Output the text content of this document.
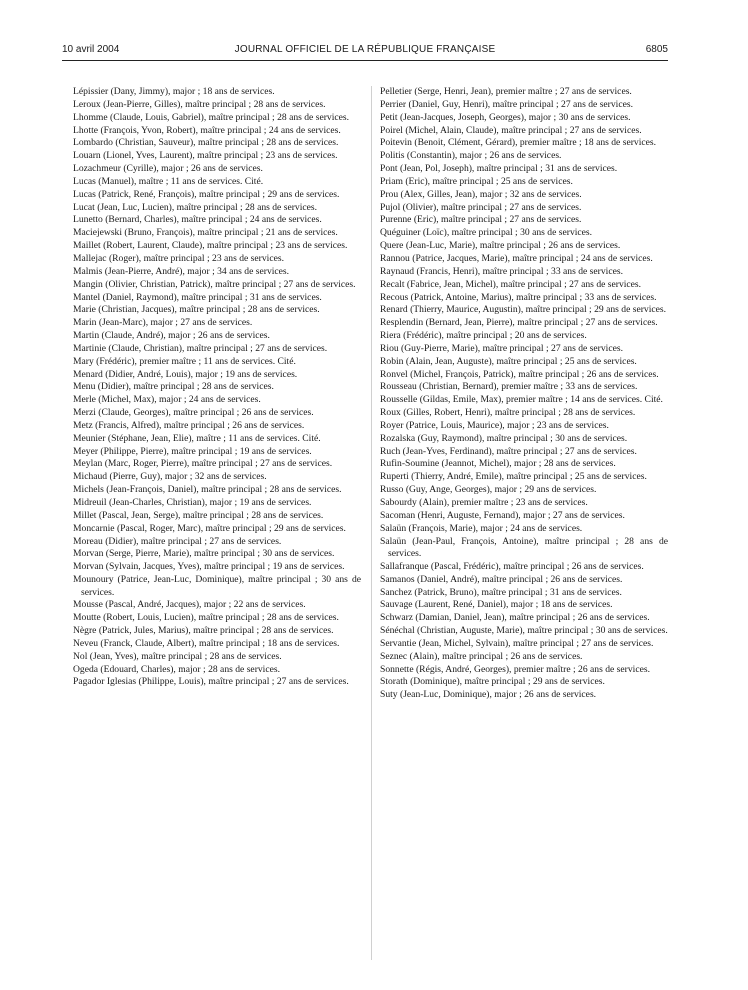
10 avril 2004	JOURNAL OFFICIEL DE LA RÉPUBLIQUE FRANÇAISE	6805

Lépissier (Dany, Jimmy), major ; 18 ans de services.

Leroux (Jean-Pierre, Gilles), maître principal ; 28 ans de services.

Lhomme (Claude, Louis, Gabriel), maître principal ; 28 ans de services.

Lhotte (François, Yvon, Robert), maître principal ; 24 ans de services.

Lombardo (Christian, Sauveur), maître principal ; 28 ans de services.

Louarn (Lionel, Yves, Laurent), maître principal ; 23 ans de services.

Lozachmeur (Cyrille), major ; 26 ans de services.

Lucas (Manuel), maître ; 11 ans de services. Cité.

Lucas (Patrick, René, François), maître principal ; 29 ans de services.

Lucat (Jean, Luc, Lucien), maître principal ; 28 ans de services.

Lunetto (Bernard, Charles), maître principal ; 24 ans de services.

Maciejewski (Bruno, François), maître principal ; 21 ans de services.

Maillet (Robert, Laurent, Claude), maître principal ; 23 ans de services.

Mallejac (Roger), maître principal ; 23 ans de services.

Malmis (Jean-Pierre, André), major ; 34 ans de services.

Mangin (Olivier, Christian, Patrick), maître principal ; 27 ans de services.

Mantel (Daniel, Raymond), maître principal ; 31 ans de services.

Marie (Christian, Jacques), maître principal ; 28 ans de services.

Marin (Jean-Marc), major ; 27 ans de services.

Martin (Claude, André), major ; 26 ans de services.

Martinie (Claude, Christian), maître principal ; 27 ans de services.

Mary (Frédéric), premier maître ; 11 ans de services. Cité.

Menard (Didier, André, Louis), major ; 19 ans de services.

Menu (Didier), maître principal ; 28 ans de services.

Merle (Michel, Max), major ; 24 ans de services.

Merzi (Claude, Georges), maître principal ; 26 ans de services.

Metz (Francis, Alfred), maître principal ; 26 ans de services.

Meunier (Stéphane, Jean, Elie), maître ; 11 ans de services. Cité.

Meyer (Philippe, Pierre), maître principal ; 19 ans de services.

Meylan (Marc, Roger, Pierre), maître principal ; 27 ans de services.

Michaud (Pierre, Guy), major ; 32 ans de services.

Michels (Jean-François, Daniel), maître principal ; 28 ans de services.

Midreuil (Jean-Charles, Christian), major ; 19 ans de services.

Millet (Pascal, Jean, Serge), maître principal ; 28 ans de services.

Moncarnie (Pascal, Roger, Marc), maître principal ; 29 ans de services.

Moreau (Didier), maître principal ; 27 ans de services.

Morvan (Serge, Pierre, Marie), maître principal ; 30 ans de services.

Morvan (Sylvain, Jacques, Yves), maître principal ; 19 ans de services.

Mounoury (Patrice, Jean-Luc, Dominique), maître principal ; 30 ans de services.

Mousse (Pascal, André, Jacques), major ; 22 ans de services.

Moutte (Robert, Louis, Lucien), maître principal ; 28 ans de services.

Nègre (Patrick, Jules, Marius), maître principal ; 28 ans de services.

Neveu (Franck, Claude, Albert), maître principal ; 18 ans de services.

Nol (Jean, Yves), maître principal ; 28 ans de services.

Ogeda (Edouard, Charles), major ; 28 ans de services.

Pagador Iglesias (Philippe, Louis), maître principal ; 27 ans de services.

Pelletier (Serge, Henri, Jean), premier maître ; 27 ans de services.

Perrier (Daniel, Guy, Henri), maître principal ; 27 ans de services.

Petit (Jean-Jacques, Joseph, Georges), major ; 30 ans de services.

Poirel (Michel, Alain, Claude), maître principal ; 27 ans de services.

Poitevin (Benoit, Clément, Gérard), premier maître ; 18 ans de services.

Politis (Constantin), major ; 26 ans de services.

Pont (Jean, Pol, Joseph), maître principal ; 31 ans de services.

Priam (Eric), maître principal ; 25 ans de services.

Prou (Alex, Gilles, Jean), major ; 32 ans de services.

Pujol (Olivier), maître principal ; 27 ans de services.

Purenne (Eric), maître principal ; 27 ans de services.

Quéguiner (Loïc), maître principal ; 30 ans de services.

Quere (Jean-Luc, Marie), maître principal ; 26 ans de services.

Rannou (Patrice, Jacques, Marie), maître principal ; 24 ans de services.

Raynaud (Francis, Henri), maître principal ; 33 ans de services.

Recalt (Fabrice, Jean, Michel), maître principal ; 27 ans de services.

Recous (Patrick, Antoine, Marius), maître principal ; 33 ans de services.

Renard (Thierry, Maurice, Augustin), maître principal ; 29 ans de services.

Resplendin (Bernard, Jean, Pierre), maître principal ; 27 ans de services.

Riera (Frédéric), maître principal ; 20 ans de services.

Riou (Guy-Pierre, Marie), maître principal ; 27 ans de services.

Robin (Alain, Jean, Auguste), maître principal ; 25 ans de services.

Ronvel (Michel, François, Patrick), maître principal ; 26 ans de services.

Rousseau (Christian, Bernard), premier maître ; 33 ans de services.

Rousselle (Gildas, Emile, Max), premier maître ; 14 ans de services. Cité.

Roux (Gilles, Robert, Henri), maître principal ; 28 ans de services.

Royer (Patrice, Louis, Maurice), major ; 23 ans de services.

Rozalska (Guy, Raymond), maître principal ; 30 ans de services.

Ruch (Jean-Yves, Ferdinand), maître principal ; 27 ans de services.

Rufin-Soumine (Jeannot, Michel), major ; 28 ans de services.

Ruperti (Thierry, André, Emile), maître principal ; 25 ans de services.

Russo (Guy, Ange, Georges), major ; 29 ans de services.

Sabourdy (Alain), premier maître ; 23 ans de services.

Sacoman (Henri, Auguste, Fernand), major ; 27 ans de services.

Salaün (François, Marie), major ; 24 ans de services.

Salaün (Jean-Paul, François, Antoine), maître principal ; 28 ans de services.

Sallafranque (Pascal, Frédéric), maître principal ; 26 ans de services.

Samanos (Daniel, André), maître principal ; 26 ans de services.

Sanchez (Patrick, Bruno), maître principal ; 31 ans de services.

Sauvage (Laurent, René, Daniel), major ; 18 ans de services.

Schwarz (Damian, Daniel, Jean), maître principal ; 26 ans de services.

Sénéchal (Christian, Auguste, Marie), maître principal ; 30 ans de services.

Servantie (Jean, Michel, Sylvain), maître principal ; 27 ans de services.

Seznec (Alain), maître principal ; 26 ans de services.

Sonnette (Régis, André, Georges), premier maître ; 26 ans de services.

Storath (Dominique), maître principal ; 29 ans de services.

Suty (Jean-Luc, Dominique), major ; 26 ans de services.
